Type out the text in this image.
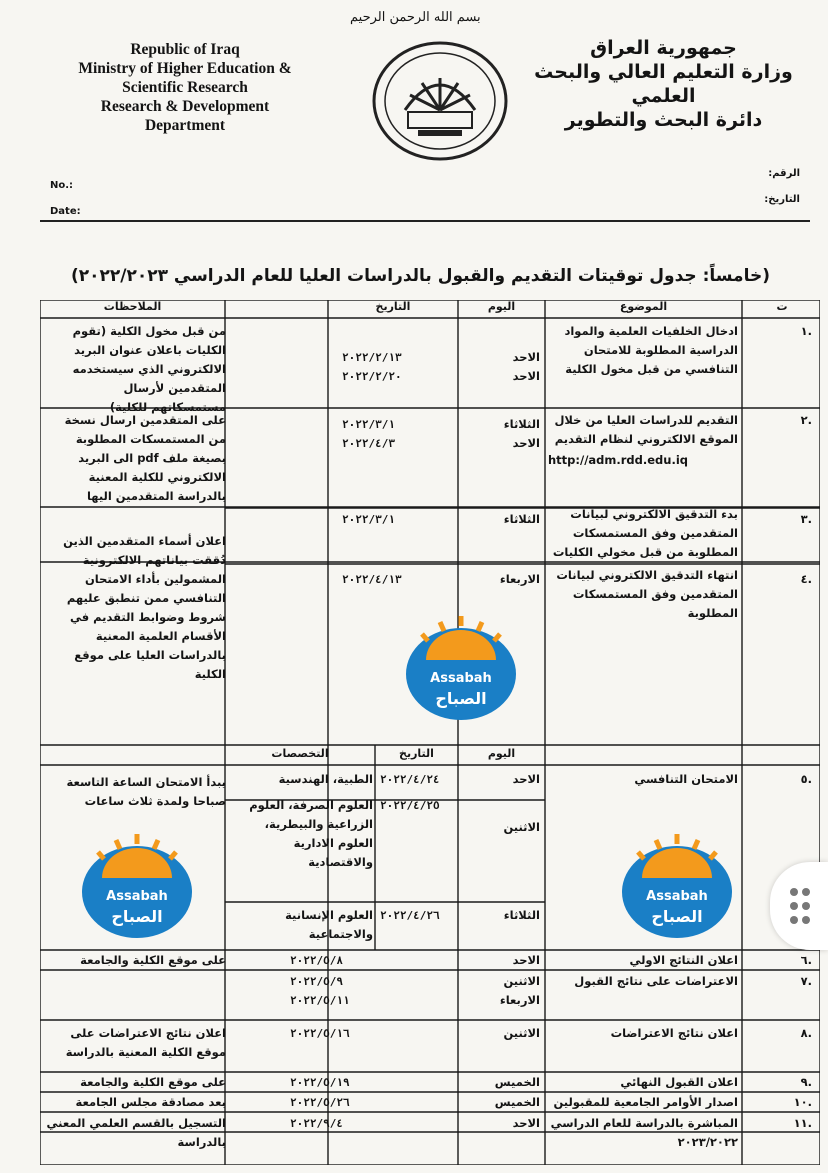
بسم الله الرحمن الرحيم
Republic of Iraq
Ministry of Higher Education &
Scientific Research
Research & Development
Department
جمهورية العراق
وزارة التعليم العالي والبحث العلمي
دائرة البحث والتطوير
No.:
Date:
الرقم:
التاريخ:
(خامساً: جدول توقيتات التقديم والقبول بالدراسات العليا للعام الدراسي ٢٠٢٢/٢٠٢٣)
ت
الموضوع
اليوم
التاريخ
الملاحظات
.١
ادخال الخلفيات العلمية والمواد الدراسية المطلوبة للامتحان التنافسي من قبل مخول الكلية
الاحد
الاحد
٢٠٢٢/٢/١٣
٢٠٢٢/٢/٢٠
من قبل مخول الكلية (تقوم الكليات باعلان عنوان البريد الالكتروني الذي سيستخدمه المتقدمين لأرسال مستمسكاتهم للكلية)
.٢
التقديم للدراسات العليا من خلال الموقع الالكتروني لنظام التقديم
http://adm.rdd.edu.iq
الثلاثاء
الاحد
٢٠٢٢/٣/١
٢٠٢٢/٤/٣
على المتقدمين ارسال نسخة من المستمسكات المطلوبة بصيغة ملف pdf الى البريد الالكتروني للكلية المعنية بالدراسة المتقدمين اليها
.٣
بدء التدقيق الالكتروني لبيانات المتقدمين وفق المستمسكات المطلوبة من قبل مخولي الكليات
الثلاثاء
٢٠٢٢/٣/١
.٤
انتهاء التدقيق الالكتروني لبيانات المتقدمين وفق المستمسكات المطلوبة
الاربعاء
٢٠٢٢/٤/١٣
اعلان أسماء المتقدمين الذين دُققت بياناتهم الالكترونية المشمولين بأداء الامتحان التنافسي ممن تنطبق عليهم شروط وضوابط التقديم في الأقسام العلمية المعنية بالدراسات العليا على موقع الكلية
اليوم
التاريخ
التخصصات
.٥
الامتحان التنافسي
الاحد
٢٠٢٢/٤/٢٤
الطبية، الهندسية
الاثنين
٢٠٢٢/٤/٢٥
العلوم الصرفة، العلوم الزراعية والبيطرية، العلوم الادارية والاقتصادية
الثلاثاء
٢٠٢٢/٤/٢٦
العلوم الإنسانية والاجتماعية
يبدأ الامتحان الساعة التاسعة صباحا ولمدة ثلاث ساعات
.٦
اعلان النتائج الاولي
الاحد
٢٠٢٢/٥/٨
على موقع الكلية والجامعة
.٧
الاعتراضات على نتائج القبول
الاثنين
الاربعاء
٢٠٢٢/٥/٩
٢٠٢٢/٥/١١
.٨
اعلان نتائج الاعتراضات
الاثنين
٢٠٢٢/٥/١٦
اعلان نتائج الاعتراضات على موقع الكلية المعنية بالدراسة
.٩
اعلان القبول النهائي
الخميس
٢٠٢٢/٥/١٩
على موقع الكلية والجامعة
.١٠
اصدار الأوامر الجامعية للمقبولين
الخميس
٢٠٢٢/٥/٢٦
بعد مصادقة مجلس الجامعة
.١١
المباشرة بالدراسة للعام الدراسي ٢٠٢٣/٢٠٢٢
الاحد
٢٠٢٢/٩/٤
التسجيل بالقسم العلمي المعني بالدراسة
Assabah
الصباح
Assabah
الصباح
Assabah
الصباح
